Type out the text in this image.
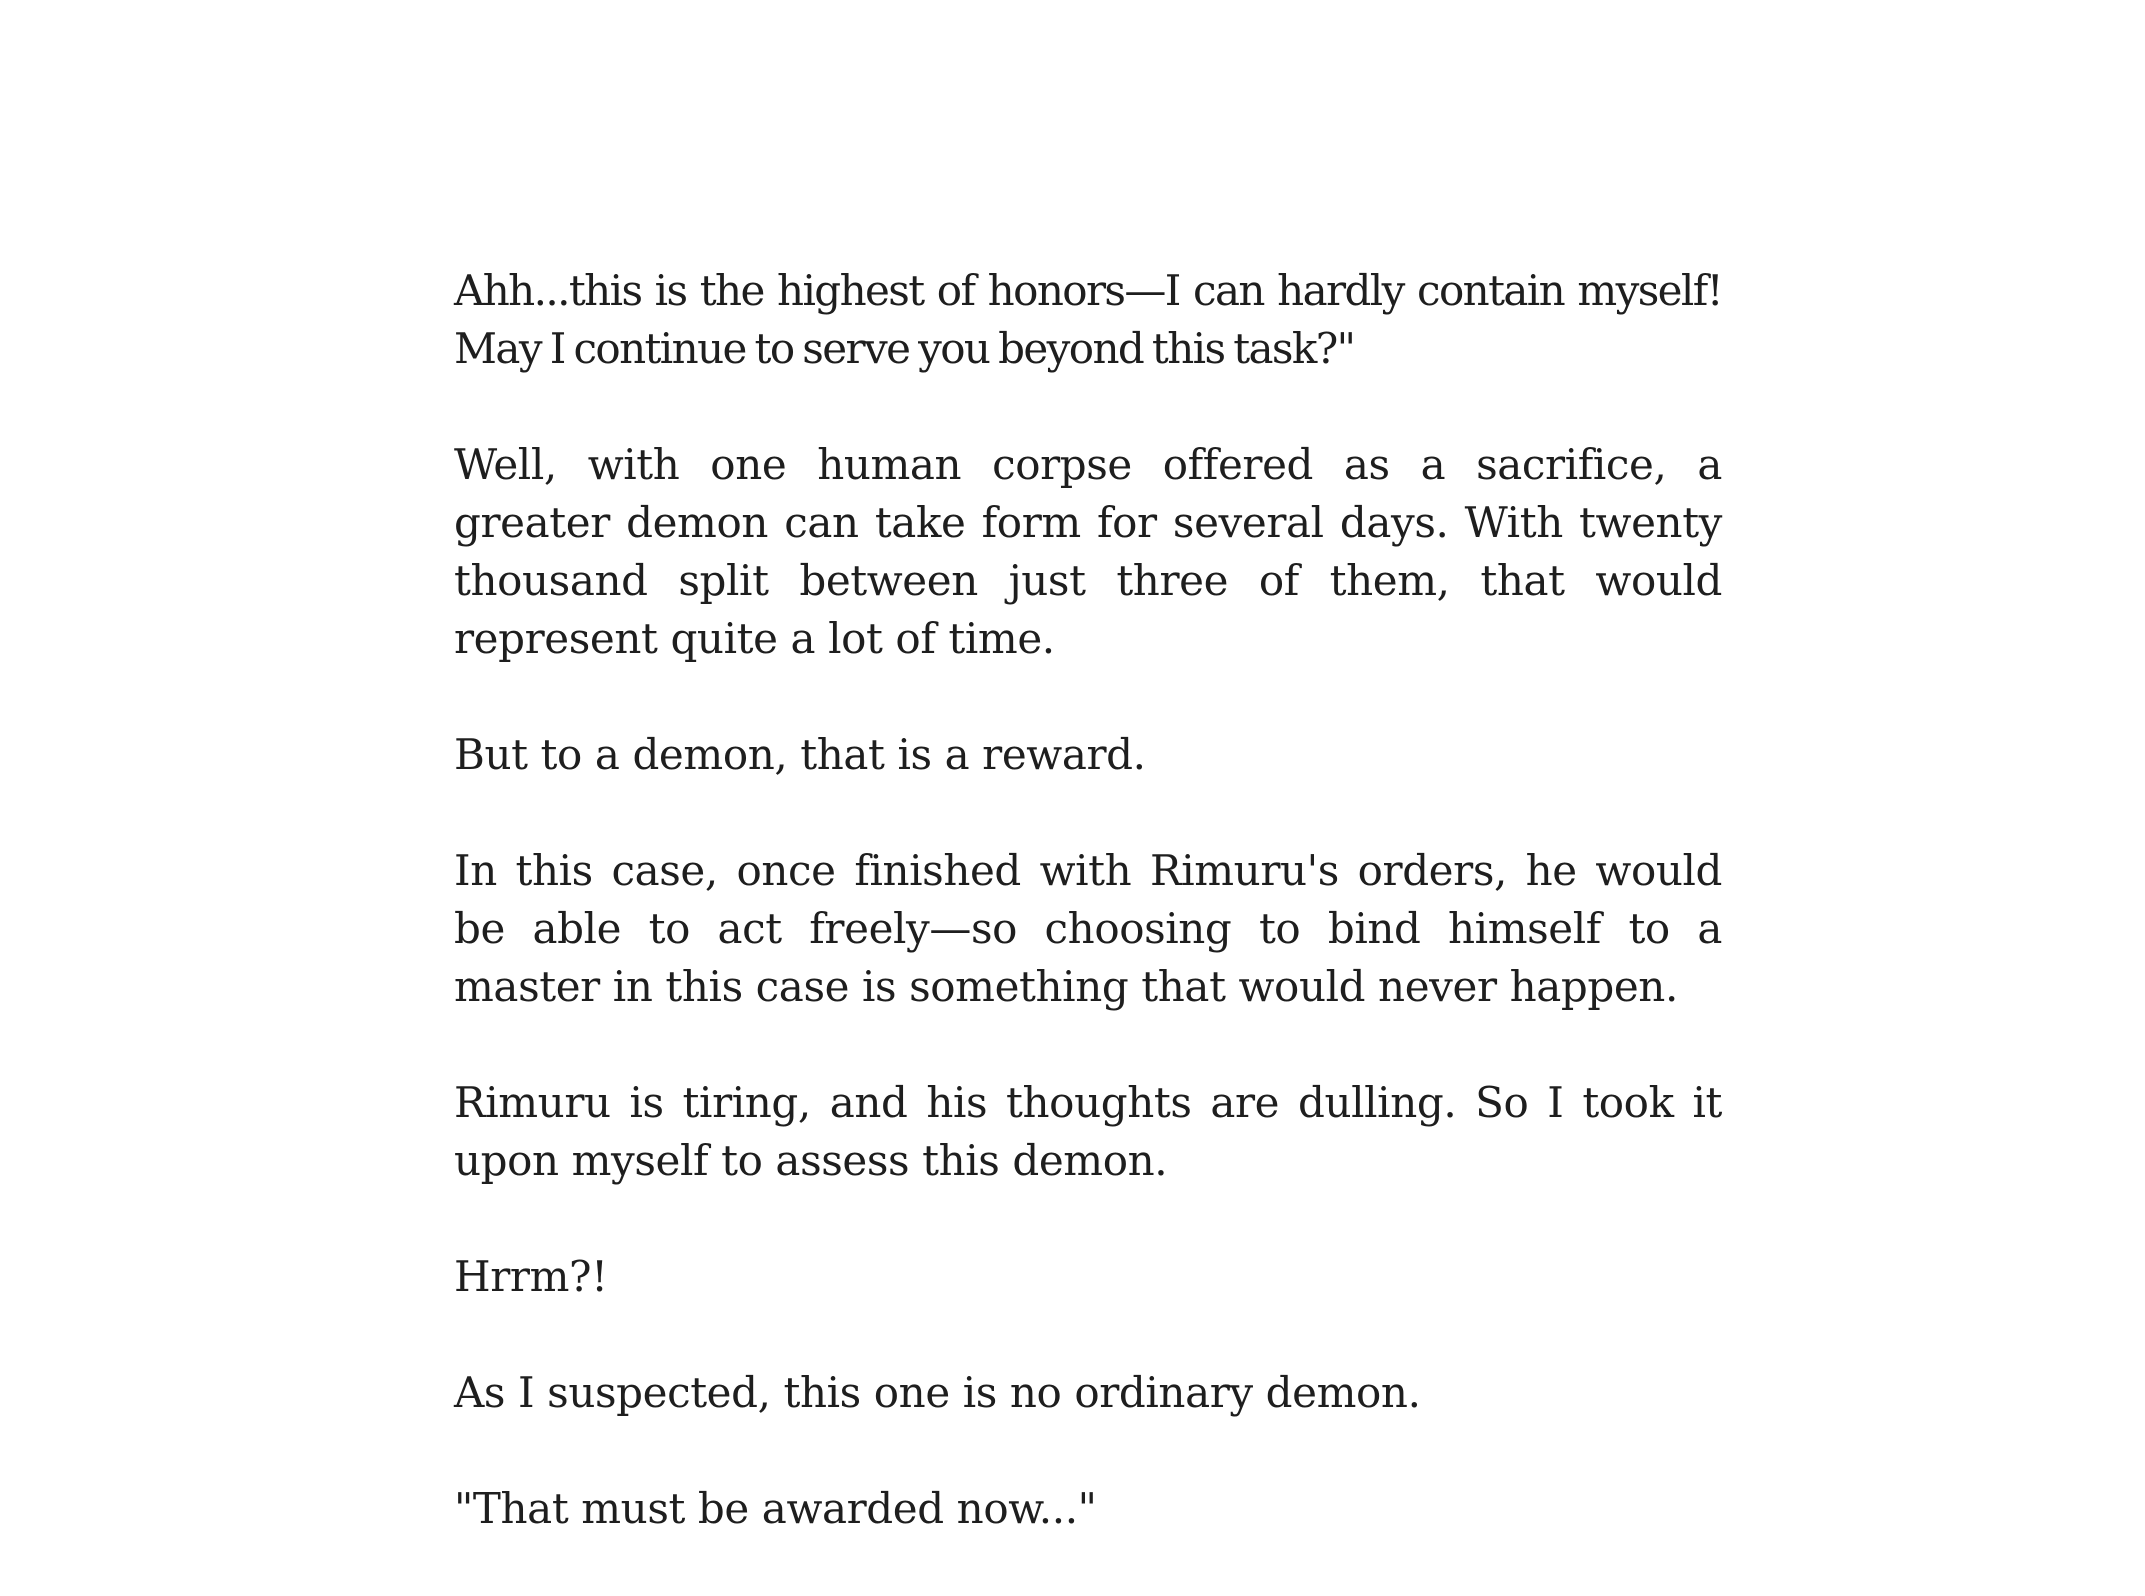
Ahh...this is the highest of honors—I can hardly contain myself! May I continue to serve you beyond this task?"

Well, with one human corpse offered as a sacrifice, a greater demon can take form for several days. With twenty thousand split between just three of them, that would represent quite a lot of time.

But to a demon, that is a reward.

In this case, once finished with Rimuru's orders, he would be able to act freely—so choosing to bind himself to a master in this case is something that would never happen.

Rimuru is tiring, and his thoughts are dulling. So I took it upon myself to assess this demon.

Hrrm?!

As I suspected, this one is no ordinary demon.

"That must be awarded now..."
